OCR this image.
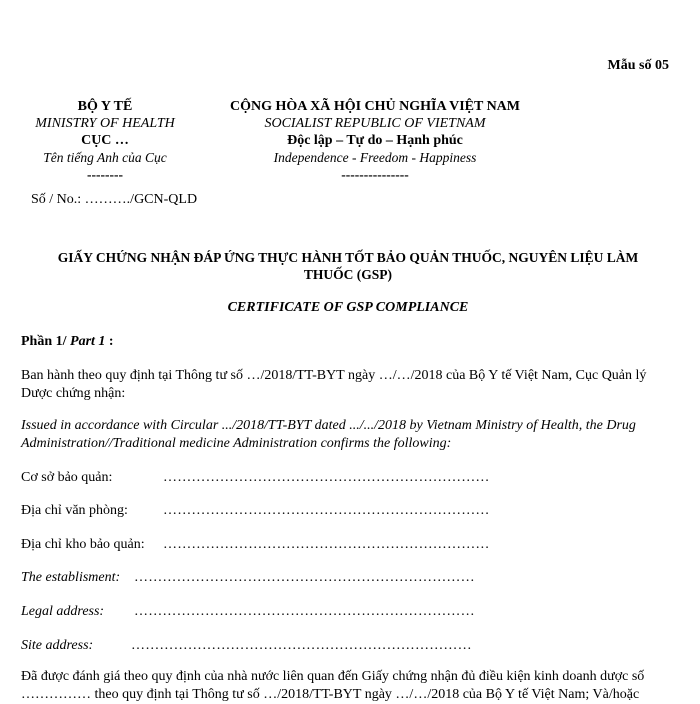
Mẫu số 05
BỘ Y TẾ
MINISTRY OF HEALTH
CỤC …
Tên tiếng Anh của Cục
--------
Số / No.: ………./GCN-QLD
CỘNG HÒA XÃ HỘI CHỦ NGHĨA VIỆT NAM
SOCIALIST REPUBLIC OF VIETNAM
Độc lập – Tự do – Hạnh phúc
Independence - Freedom - Happiness
---------------
GIẤY CHỨNG NHẬN ĐÁP ỨNG THỰC HÀNH TỐT BẢO QUẢN THUỐC, NGUYÊN LIỆU LÀM
THUỐC (GSP)
CERTIFICATE OF GSP COMPLIANCE
Phần 1/ Part 1 :
Ban hành theo quy định tại Thông tư số …/2018/TT-BYT ngày …/…/2018 của Bộ Y tế Việt Nam, Cục Quản lý Dược chứng nhận:
Issued in accordance with Circular .../2018/TT-BYT dated .../.../2018 by Vietnam Ministry of Health, the Drug Administration//Traditional medicine Administration confirms the following:
Cơ sở bảo quản:	……………………………………………………………
Địa chỉ văn phòng:	……………………………………………………………
Địa chỉ kho bảo quản: ……………………………………………………………
The establisment: ………………………………………………………………
Legal address: ………………………………………………………………
Site address:	………………………………………………………………
Đã được đánh giá theo quy định của nhà nước liên quan đến Giấy chứng nhận đủ điều kiện kinh doanh dược số …………… theo quy định tại Thông tư số …/2018/TT-BYT ngày …/…/2018 của Bộ Y tế Việt Nam; Và/hoặc
